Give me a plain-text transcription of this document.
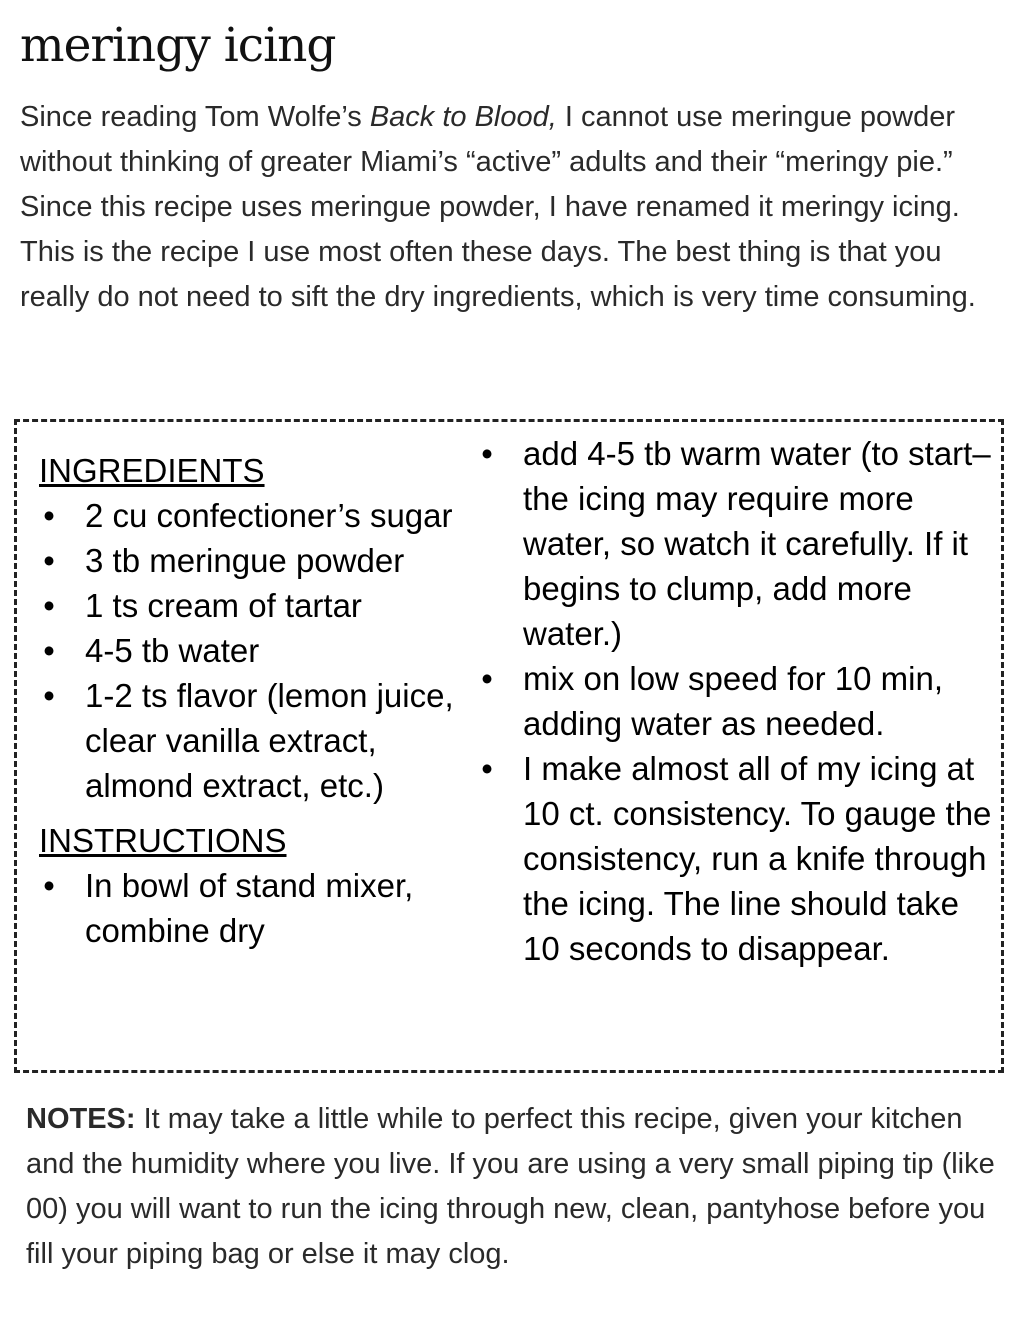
meringy icing

Since reading Tom Wolfe’s Back to Blood, I cannot use meringue powder without thinking of greater Miami’s “active” adults and their “meringy pie.” Since this recipe uses meringue powder, I have renamed it meringy icing. This is the recipe I use most often these days. The best thing is that you really do not need to sift the dry ingredients, which is very time consuming.

INGREDIENTS
• 2 cu confectioner’s sugar
• 3 tb meringue powder
• 1 ts cream of tartar
• 4-5 tb water
• 1-2 ts flavor (lemon juice, clear vanilla extract, almond extract, etc.)
INSTRUCTIONS
• In bowl of stand mixer, combine dry
• add 4-5 tb warm water (to start– the icing may require more water, so watch it carefully. If it begins to clump, add more water.)
• mix on low speed for 10 min, adding water as needed.
• I make almost all of my icing at 10 ct. consistency. To gauge the consistency, run a knife through the icing. The line should take 10 seconds to disappear.

NOTES: It may take a little while to perfect this recipe, given your kitchen and the humidity where you live. If you are using a very small piping tip (like 00) you will want to run the icing through new, clean, pantyhose before you fill your piping bag or else it may clog.
